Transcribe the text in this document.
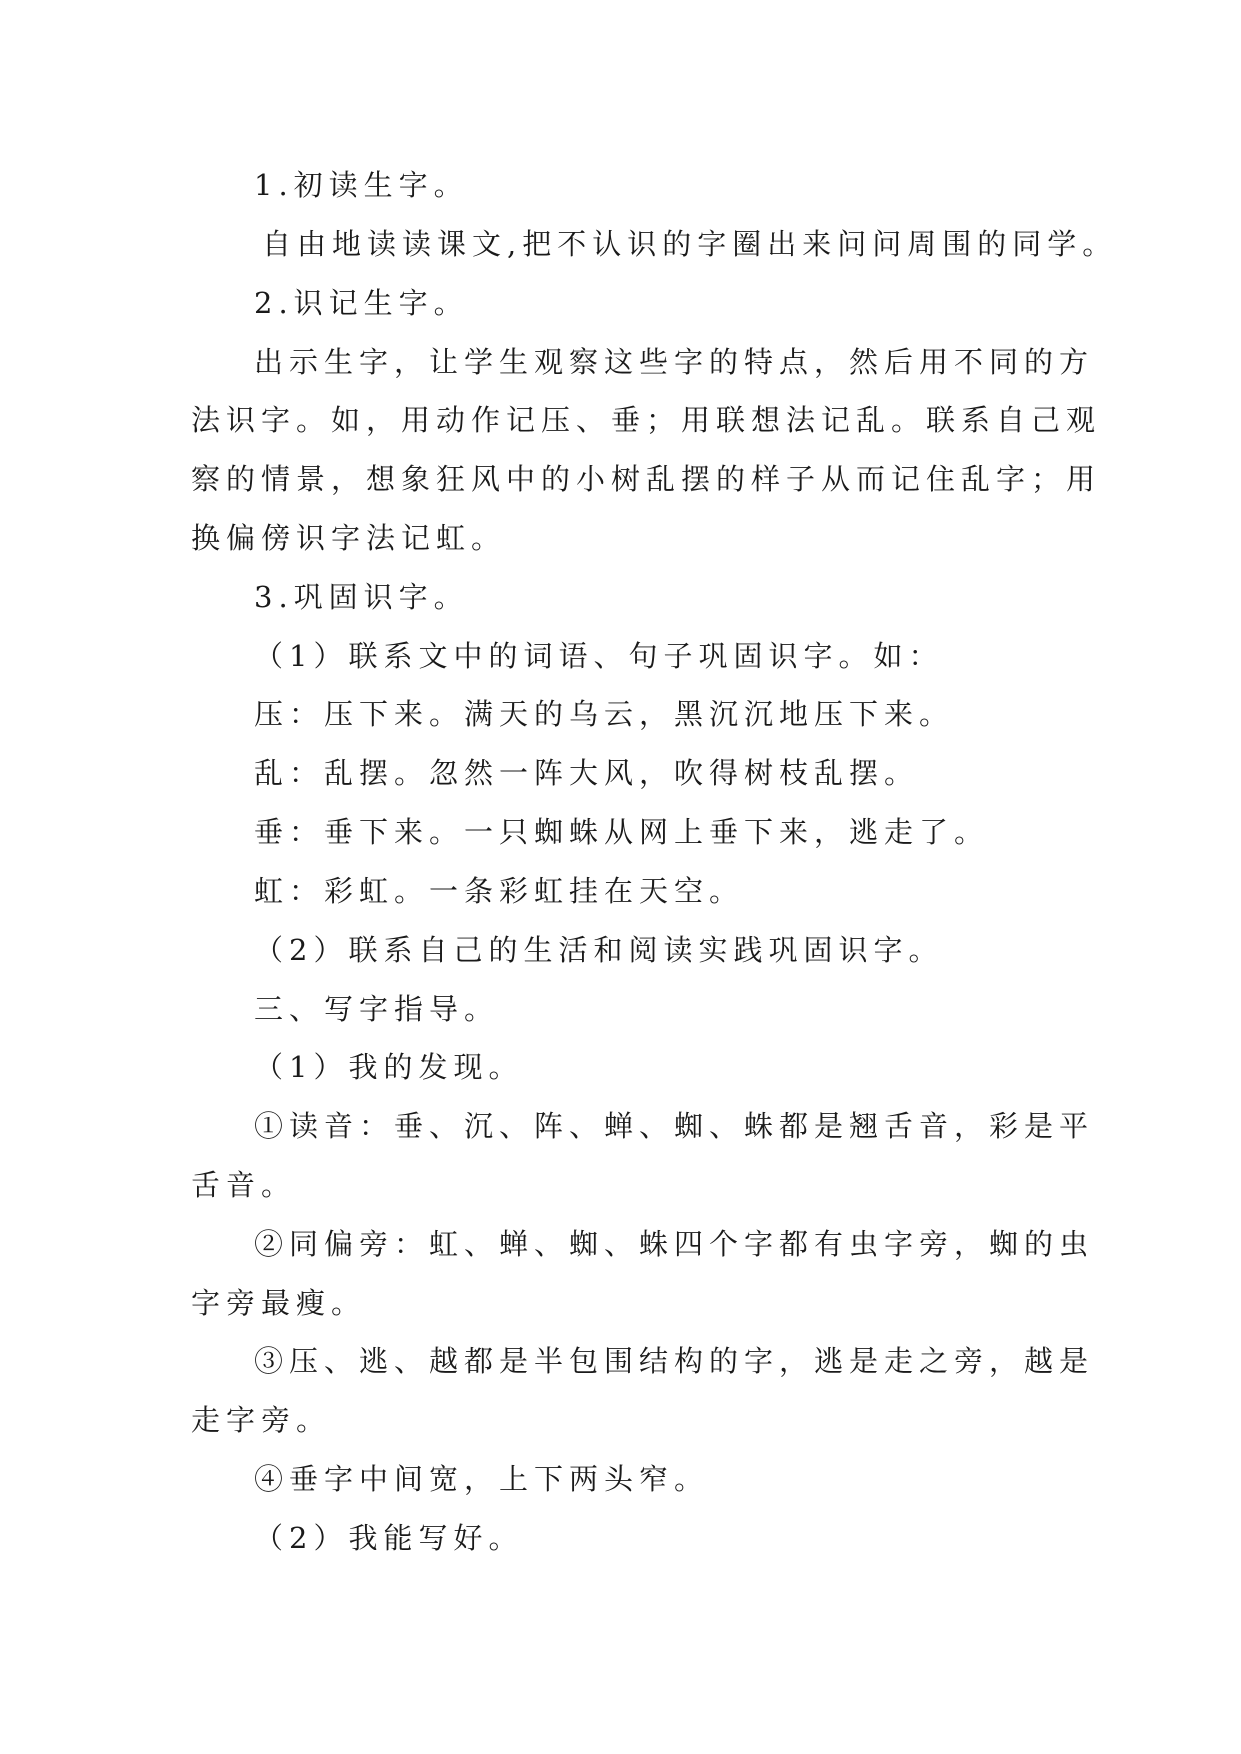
1.初读生字。
自由地读读课文,把不认识的字圈出来问问周围的同学。
2.识记生字。
出示生字，让学生观察这些字的特点，然后用不同的方
法识字。如，用动作记压、垂；用联想法记乱。联系自己观
察的情景，想象狂风中的小树乱摆的样子从而记住乱字；用
换偏傍识字法记虹。
3.巩固识字。
（1）联系文中的词语、句子巩固识字。如：
压：压下来。满天的乌云，黑沉沉地压下来。
乱：乱摆。忽然一阵大风，吹得树枝乱摆。
垂：垂下来。一只蜘蛛从网上垂下来，逃走了。
虹：彩虹。一条彩虹挂在天空。
（2）联系自己的生活和阅读实践巩固识字。
三、写字指导。
（1）我的发现。
①读音：垂、沉、阵、蝉、蜘、蛛都是翘舌音，彩是平
舌音。
②同偏旁：虹、蝉、蜘、蛛四个字都有虫字旁，蜘的虫
字旁最瘦。
③压、逃、越都是半包围结构的字，逃是走之旁，越是
走字旁。
④垂字中间宽，上下两头窄。
（2）我能写好。
